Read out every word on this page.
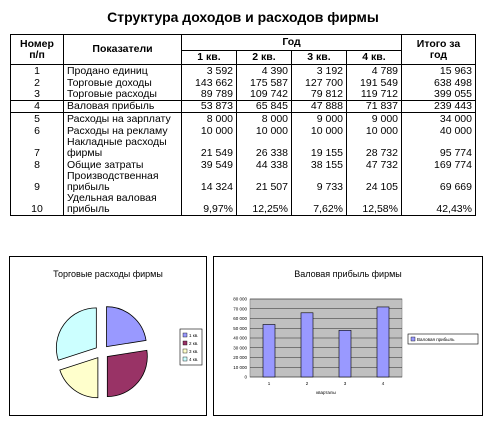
Структура доходов и расходов фирмы
Номер
п/п	Показатели	Год				Итого за
год
		1 кв.	2 кв.	3 кв.	4 кв.	
1	Продано единиц	3 592	4 390	3 192	4 789	15 963
2	Торговые доходы	143 662	175 587	127 700	191 549	638 498
3	Торговые расходы	89 789	109 742	79 812	119 712	399 055
4	Валовая прибыль	53 873	65 845	47 888	71 837	239 443
5	Расходы на зарплату	8 000	8 000	9 000	9 000	34 000
6	Расходы на рекламу	10 000	10 000	10 000	10 000	40 000
7	Накладные расходы
фирмы	21 549	26 338	19 155	28 732	95 774
8	Общие затраты	39 549	44 338	38 155	47 732	169 774
9	Производственная
прибыль	14 324	21 507	9 733	24 105	69 669
10	Удельная валовая
прибыль	9,97%	12,25%	7,62%	12,58%	42,43%
Торговые расходы фирмы
1 кв.
2 кв.
3 кв.
4 кв.
Валовая прибыль фирмы
0
10 000
20 000
30 000
40 000
50 000
60 000
70 000
80 000
1	2	3	4
кварталы
Валовая прибыль
